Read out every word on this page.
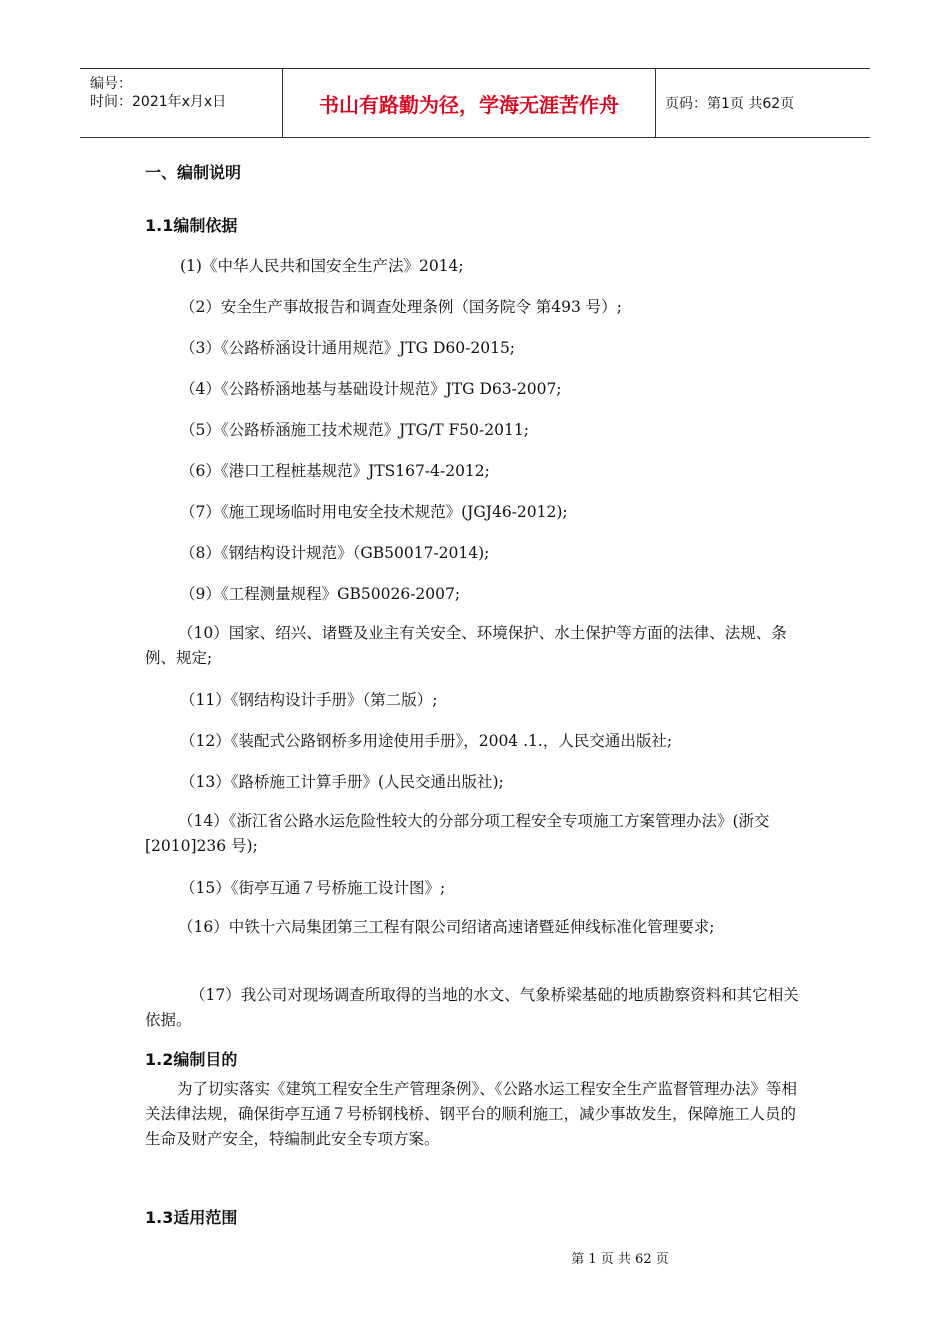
编号：
时间：2021年x月x日	书山有路勤为径，学海无涯苦作舟	页码：第1页 共62页
一、编制说明
1.1编制依据
(1)《中华人民共和国安全生产法》2014;
（2）安全生产事故报告和调查处理条例（国务院令 第493 号）;
（3）《公路桥涵设计通用规范》JTG D60-2015;
（4）《公路桥涵地基与基础设计规范》JTG D63-2007;
（5）《公路桥涵施工技术规范》JTG/T F50-2011;
（6）《港口工程桩基规范》JTS167-4-2012;
（7）《施工现场临时用电安全技术规范》(JGJ46-2012);
（8）《钢结构设计规范》（GB50017-2014);
（9）《工程测量规程》GB50026-2007;
（10）国家、绍兴、诸暨及业主有关安全、环境保护、水土保护等方面的法律、法规、条例、规定;
（11）《钢结构设计手册》（第二版）;
（12）《装配式公路钢桥多用途使用手册》，2004 .1.，人民交通出版社;
（13）《路桥施工计算手册》(人民交通出版社);
（14）《浙江省公路水运危险性较大的分部分项工程安全专项施工方案管理办法》(浙交[2010]236 号);
（15）《街亭互通７号桥施工设计图》;
（16）中铁十六局集团第三工程有限公司绍诸高速诸暨延伸线标准化管理要求;
（17）我公司对现场调查所取得的当地的水文、气象桥梁基础的地质勘察资料和其它相关依据。
1.2编制目的
为了切实落实《建筑工程安全生产管理条例》、《公路水运工程安全生产监督管理办法》等相关法律法规，确保街亭互通７号桥钢栈桥、钢平台的顺利施工，减少事故发生，保障施工人员的生命及财产安全，特编制此安全专项方案。
1.3适用范围
第 1 页 共 62 页
